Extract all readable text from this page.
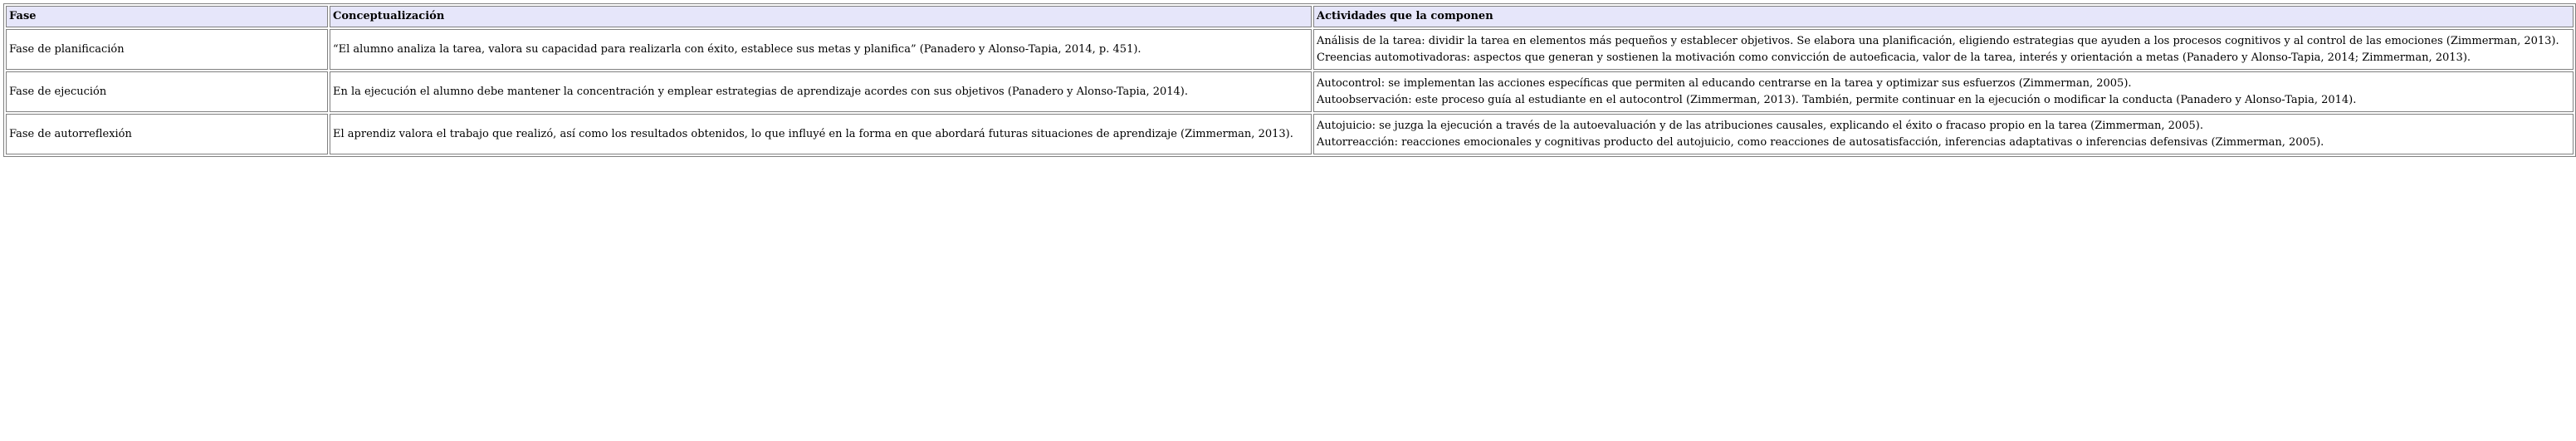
Fase	Conceptualización	Actividades que la componen
Fase de planificación	“El alumno analiza la tarea, valora su capacidad para realizarla con éxito, establece sus metas y planifica” (Panadero y Alonso-Tapia, 2014, p. 451).	Análisis de la tarea: dividir la tarea en elementos más pequeños y establecer objetivos. Se elabora una planificación, eligiendo estrategias que ayuden a los procesos cognitivos y al control de las emociones (Zimmerman, 2013).
Creencias automotivadoras: aspectos que generan y sostienen la motivación como convicción de autoeficacia, valor de la tarea, interés y orientación a metas (Panadero y Alonso-Tapia, 2014; Zimmerman, 2013).

Fase de ejecución	En la ejecución el alumno debe mantener la concentración y emplear estrategias de aprendizaje acordes con sus objetivos (Panadero y Alonso-Tapia, 2014).	Autocontrol: se implementan las acciones específicas que permiten al educando centrarse en la tarea y optimizar sus esfuerzos (Zimmerman, 2005).
Autoobservación: este proceso guía al estudiante en el autocontrol (Zimmerman, 2013). También, permite continuar en la ejecución o modificar la conducta (Panadero y Alonso-Tapia, 2014).

Fase de autorreflexión	El aprendiz valora el trabajo que realizó, así como los resultados obtenidos, lo que influyé en la forma en que abordará futuras situaciones de aprendizaje (Zimmerman, 2013).	Autojuicio: se juzga la ejecución a través de la autoevaluación y de las atribuciones causales, explicando el éxito o fracaso propio en la tarea (Zimmerman, 2005).
Autorreacción: reacciones emocionales y cognitivas producto del autojuicio, como reacciones de autosatisfacción, inferencias adaptativas o inferencias defensivas (Zimmerman, 2005).
